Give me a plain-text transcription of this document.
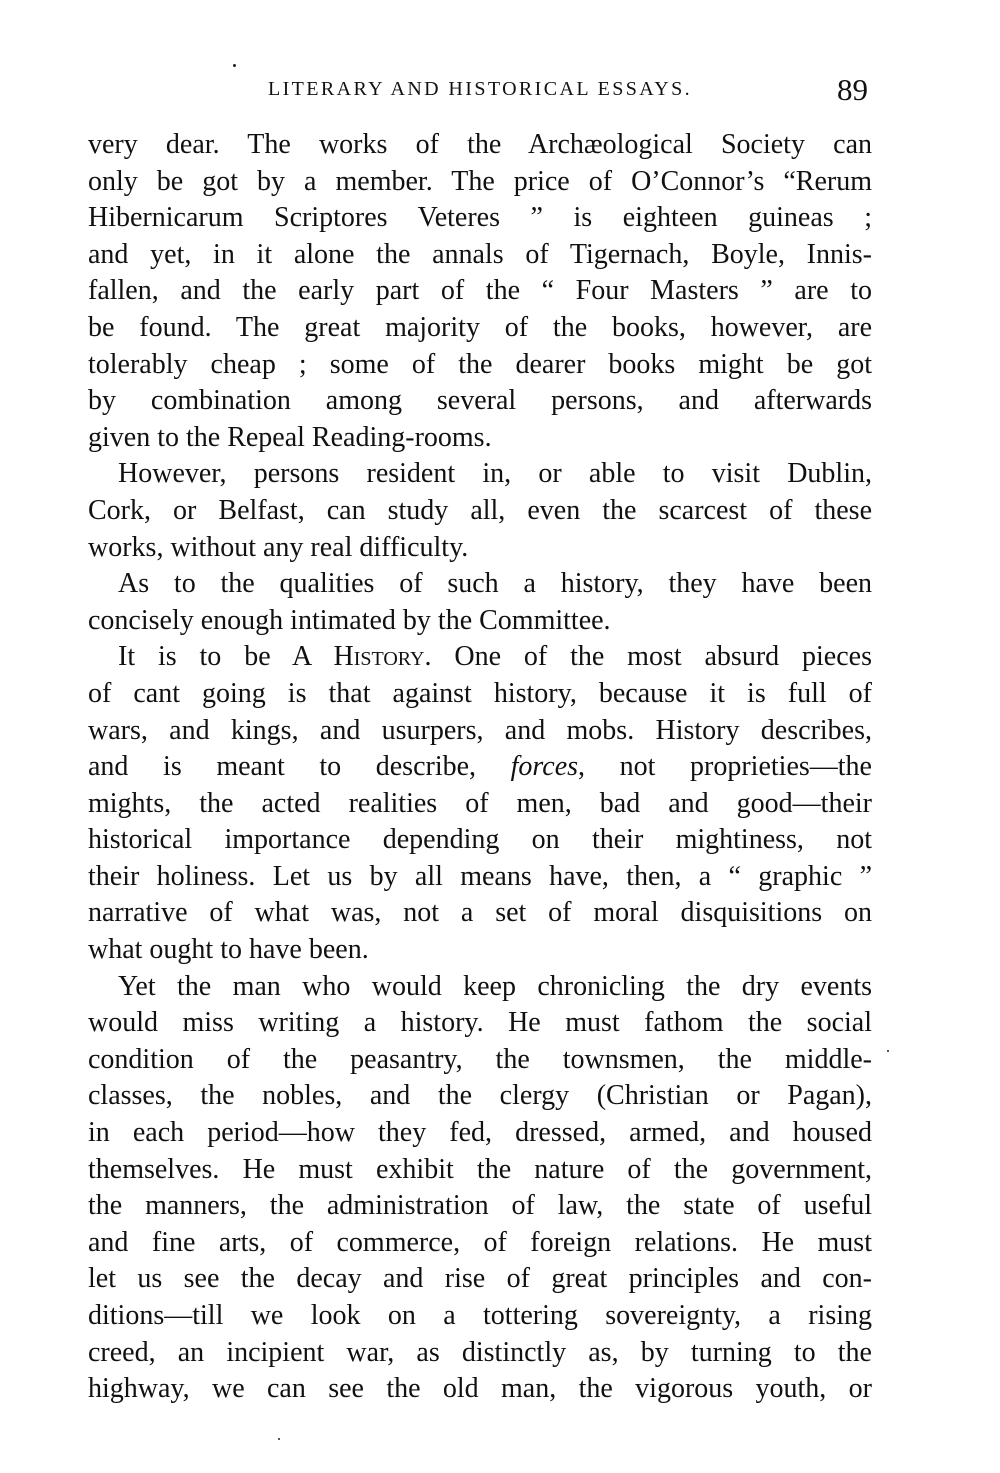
LITERARY AND HISTORICAL ESSAYS.	89
very dear. The works of the Archæological Society can
only be got by a member. The price of O’Connor’s “Rerum
Hibernicarum Scriptores Veteres ” is eighteen guineas ;
and yet, in it alone the annals of Tigernach, Boyle, Innis-
fallen, and the early part of the “ Four Masters ” are to
be found. The great majority of the books, however, are
tolerably cheap ; some of the dearer books might be got
by combination among several persons, and afterwards
given to the Repeal Reading-rooms.
However, persons resident in, or able to visit Dublin,
Cork, or Belfast, can study all, even the scarcest of these
works, without any real difficulty.
As to the qualities of such a history, they have been
concisely enough intimated by the Committee.
It is to be A History. One of the most absurd pieces
of cant going is that against history, because it is full of
wars, and kings, and usurpers, and mobs. History describes,
and is meant to describe, forces, not proprieties—the
mights, the acted realities of men, bad and good—their
historical importance depending on their mightiness, not
their holiness. Let us by all means have, then, a “ graphic ”
narrative of what was, not a set of moral disquisitions on
what ought to have been.
Yet the man who would keep chronicling the dry events
would miss writing a history. He must fathom the social
condition of the peasantry, the townsmen, the middle-
classes, the nobles, and the clergy (Christian or Pagan),
in each period—how they fed, dressed, armed, and housed
themselves. He must exhibit the nature of the government,
the manners, the administration of law, the state of useful
and fine arts, of commerce, of foreign relations. He must
let us see the decay and rise of great principles and con-
ditions—till we look on a tottering sovereignty, a rising
creed, an incipient war, as distinctly as, by turning to the
highway, we can see the old man, the vigorous youth, or
